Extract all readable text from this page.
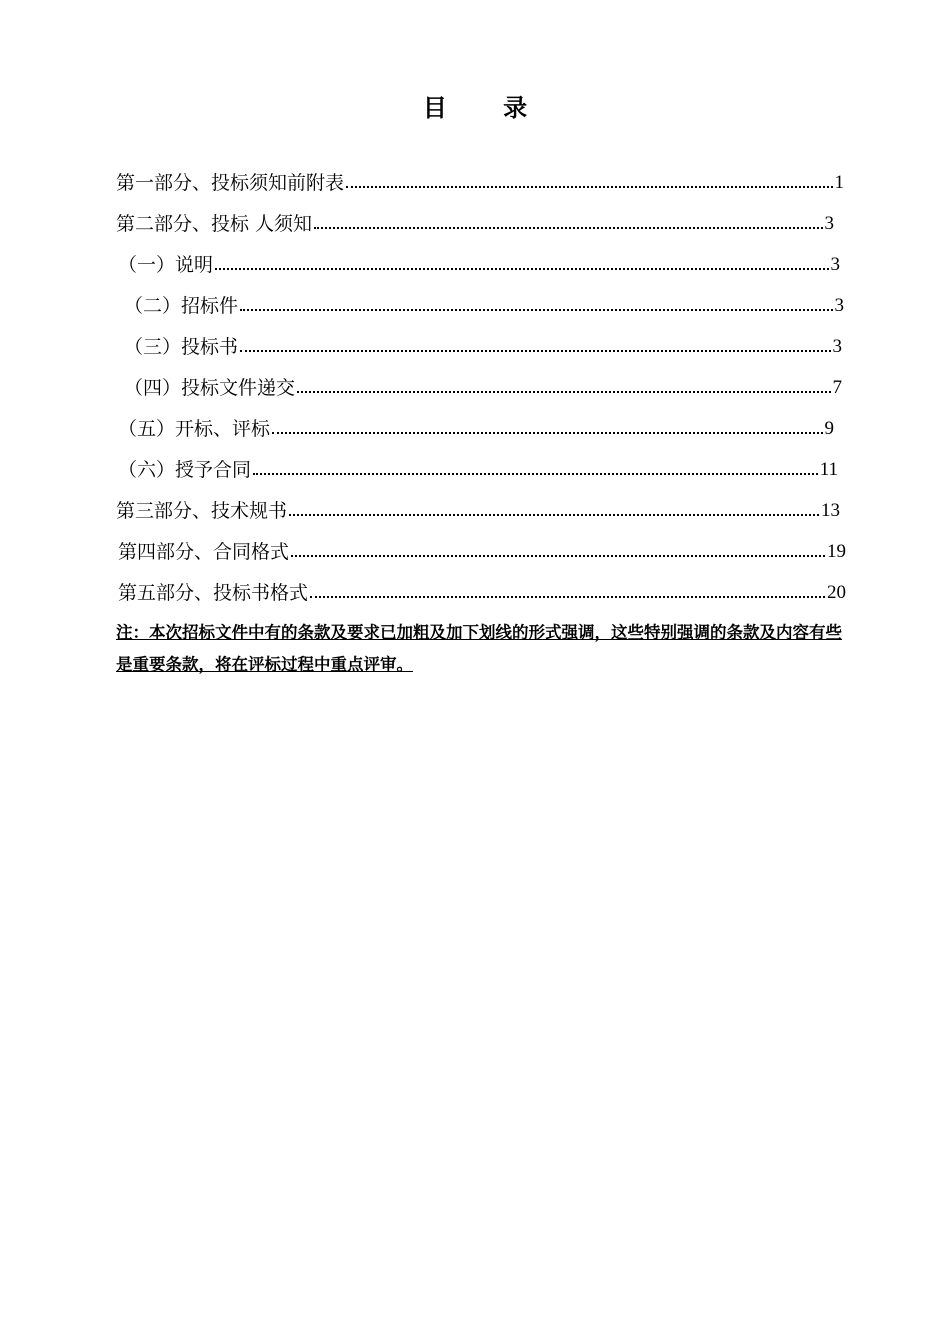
目 录
第一部分、投标须知前附表	1
第二部分、投标 人须知	3
（一）说明	3
（二）招标件	3
（三）投标书	3
（四）投标文件递交	7
（五）开标、评标	9
（六）授予合同	11
第三部分、技术规书	13
第四部分、合同格式	19
第五部分、投标书格式	20
注：本次招标文件中有的条款及要求已加粗及加下划线的形式强调，这些特别强调的条款及内容有些是重要条款，将在评标过程中重点评审。
